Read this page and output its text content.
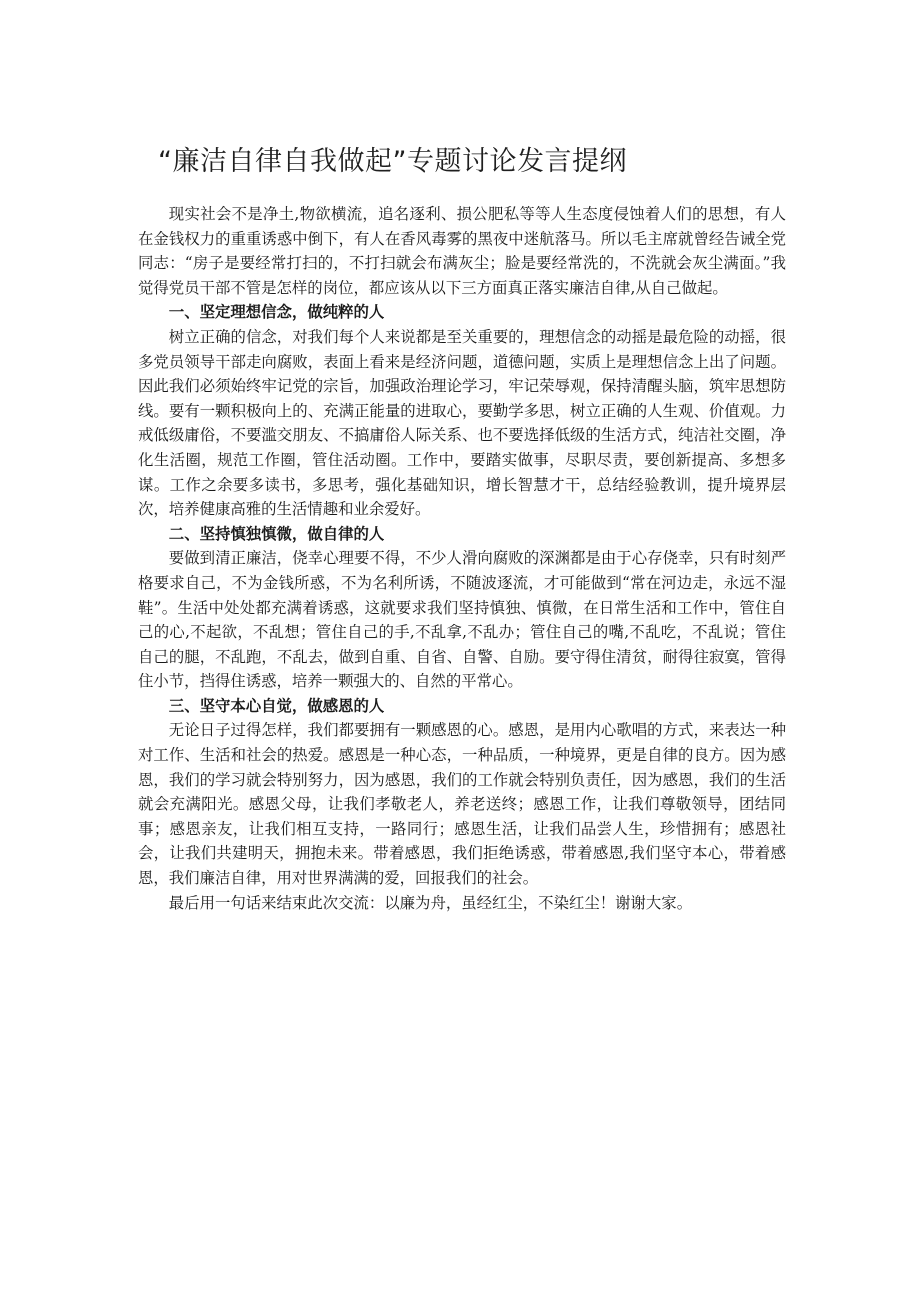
“廉洁自律自我做起”专题讨论发言提纲

现实社会不是净土,物欲横流，追名逐利、损公肥私等等人生态度侵蚀着人们的思想，有人在金钱权力的重重诱惑中倒下，有人在香风毒雾的黑夜中迷航落马。所以毛主席就曾经告诫全党同志：“房子是要经常打扫的，不打扫就会布满灰尘；脸是要经常洗的，不洗就会灰尘满面。”我觉得党员干部不管是怎样的岗位，都应该从以下三方面真正落实廉洁自律,从自己做起。

一、坚定理想信念，做纯粹的人

树立正确的信念，对我们每个人来说都是至关重要的，理想信念的动摇是最危险的动摇，很多党员领导干部走向腐败，表面上看来是经济问题，道德问题，实质上是理想信念上出了问题。因此我们必须始终牢记党的宗旨，加强政治理论学习，牢记荣辱观，保持清醒头脑，筑牢思想防线。要有一颗积极向上的、充满正能量的进取心，要勤学多思，树立正确的人生观、价值观。力戒低级庸俗，不要滥交朋友、不搞庸俗人际关系、也不要选择低级的生活方式，纯洁社交圈，净化生活圈，规范工作圈，管住活动圈。工作中，要踏实做事，尽职尽责，要创新提高、多想多谋。工作之余要多读书，多思考，强化基础知识，增长智慧才干，总结经验教训，提升境界层次，培养健康高雅的生活情趣和业余爱好。

二、坚持慎独慎微，做自律的人

要做到清正廉洁，侥幸心理要不得，不少人滑向腐败的深渊都是由于心存侥幸，只有时刻严格要求自己，不为金钱所惑，不为名利所诱，不随波逐流，才可能做到“常在河边走，永远不湿鞋”。生活中处处都充满着诱惑，这就要求我们坚持慎独、慎微，在日常生活和工作中，管住自己的心,不起欲，不乱想；管住自己的手,不乱拿,不乱办；管住自己的嘴,不乱吃，不乱说；管住自己的腿，不乱跑，不乱去，做到自重、自省、自警、自励。要守得住清贫，耐得往寂寞，管得住小节，挡得住诱惑，培养一颗强大的、自然的平常心。

三、坚守本心自觉，做感恩的人

无论日子过得怎样，我们都要拥有一颗感恩的心。感恩，是用内心歌唱的方式，来表达一种对工作、生活和社会的热爱。感恩是一种心态，一种品质，一种境界，更是自律的良方。因为感恩，我们的学习就会特别努力，因为感恩，我们的工作就会特别负责任，因为感恩，我们的生活就会充满阳光。感恩父母，让我们孝敬老人，养老送终；感恩工作，让我们尊敬领导，团结同事；感恩亲友，让我们相互支持，一路同行；感恩生活，让我们品尝人生，珍惜拥有；感恩社会，让我们共建明天，拥抱未来。带着感恩，我们拒绝诱惑，带着感恩,我们坚守本心，带着感恩，我们廉洁自律，用对世界满满的爱，回报我们的社会。

最后用一句话来结束此次交流：以廉为舟，虽经红尘，不染红尘！谢谢大家。
